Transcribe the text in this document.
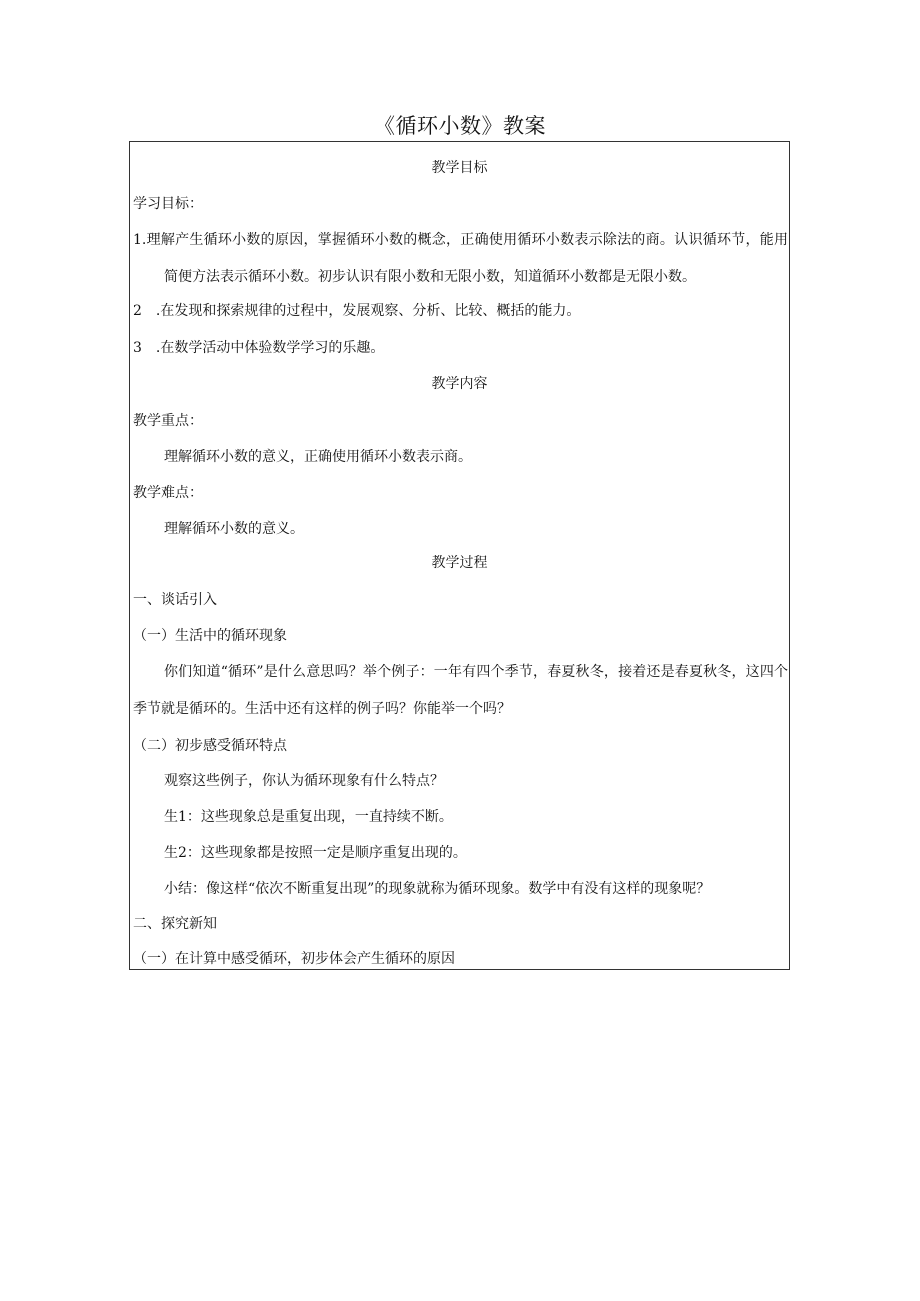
《循环小数》教案
教学目标
学习目标：
1.理解产生循环小数的原因，掌握循环小数的概念，正确使用循环小数表示除法的商。认识循环节，能用简便方法表示循环小数。初步认识有限小数和无限小数，知道循环小数都是无限小数。
2 .在发现和探索规律的过程中，发展观察、分析、比较、概括的能力。
3 .在数学活动中体验数学学习的乐趣。
教学内容
教学重点：
理解循环小数的意义，正确使用循环小数表示商。
教学难点：
理解循环小数的意义。
教学过程
一、谈话引入
（一）生活中的循环现象
你们知道“循环”是什么意思吗？举个例子：一年有四个季节，春夏秋冬，接着还是春夏秋冬，这四个季节就是循环的。生活中还有这样的例子吗？你能举一个吗？
（二）初步感受循环特点
观察这些例子，你认为循环现象有什么特点？
生1：这些现象总是重复出现，一直持续不断。
生2：这些现象都是按照一定是顺序重复出现的。
小结：像这样“依次不断重复出现”的现象就称为循环现象。数学中有没有这样的现象呢？
二、探究新知
（一）在计算中感受循环，初步体会产生循环的原因
